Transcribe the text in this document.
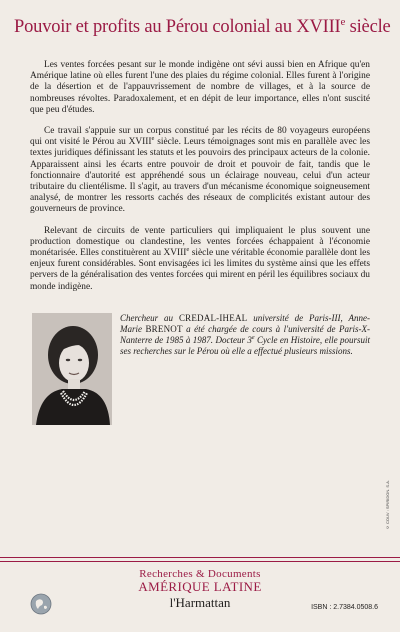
Pouvoir et profits au Pérou colonial au XVIIIe siècle

Les ventes forcées pesant sur le monde indigène ont sévi aussi bien en Afrique qu'en Amérique latine où elles furent l'une des plaies du régime colonial. Elles furent à l'origine de la désertion et de l'appauvrissement de nombre de villages, et à la source de nombreuses révoltes. Paradoxalement, et en dépit de leur importance, elles n'ont suscité que peu d'études.

Ce travail s'appuie sur un corpus constitué par les récits de 80 voyageurs européens qui ont visité le Pérou au XVIIIe siècle. Leurs témoignages sont mis en parallèle avec les textes juridiques définissant les statuts et les pouvoirs des principaux acteurs de la colonie. Apparaissent ainsi les écarts entre pouvoir de droit et pouvoir de fait, tandis que le fonctionnaire d'autorité est appréhendé sous un éclairage nouveau, celui d'un acteur tributaire du clientélisme. Il s'agit, au travers d'un mécanisme économique soigneusement analysé, de montrer les ressorts cachés des réseaux de complicités existant autour des gouverneurs de province.

Relevant de circuits de vente particuliers qui impliquaient le plus souvent une production domestique ou clandestine, les ventes forcées échappaient à l'économie monétarisée. Elles constituèrent au XVIIIe siècle une véritable économie parallèle dont les enjeux furent considérables. Sont envisagées ici les limites du système ainsi que les effets pervers de la généralisation des ventes forcées qui mirent en péril les équilibres sociaux du monde indigène.

Chercheur au CREDAL-IHEAL université de Paris-III, Anne-Marie BRENOT a été chargée de cours à l'université de Paris-X-Nanterre de 1985 à 1987. Docteur 3e Cycle en Histoire, elle poursuit ses recherches sur le Pérou où elle a effectué plusieurs missions.
© COUV : SPIRIDON. S.A.
Recherches & Documents
AMÉRIQUE LATINE
l'Harmattan	ISBN : 2.7384.0508.6
